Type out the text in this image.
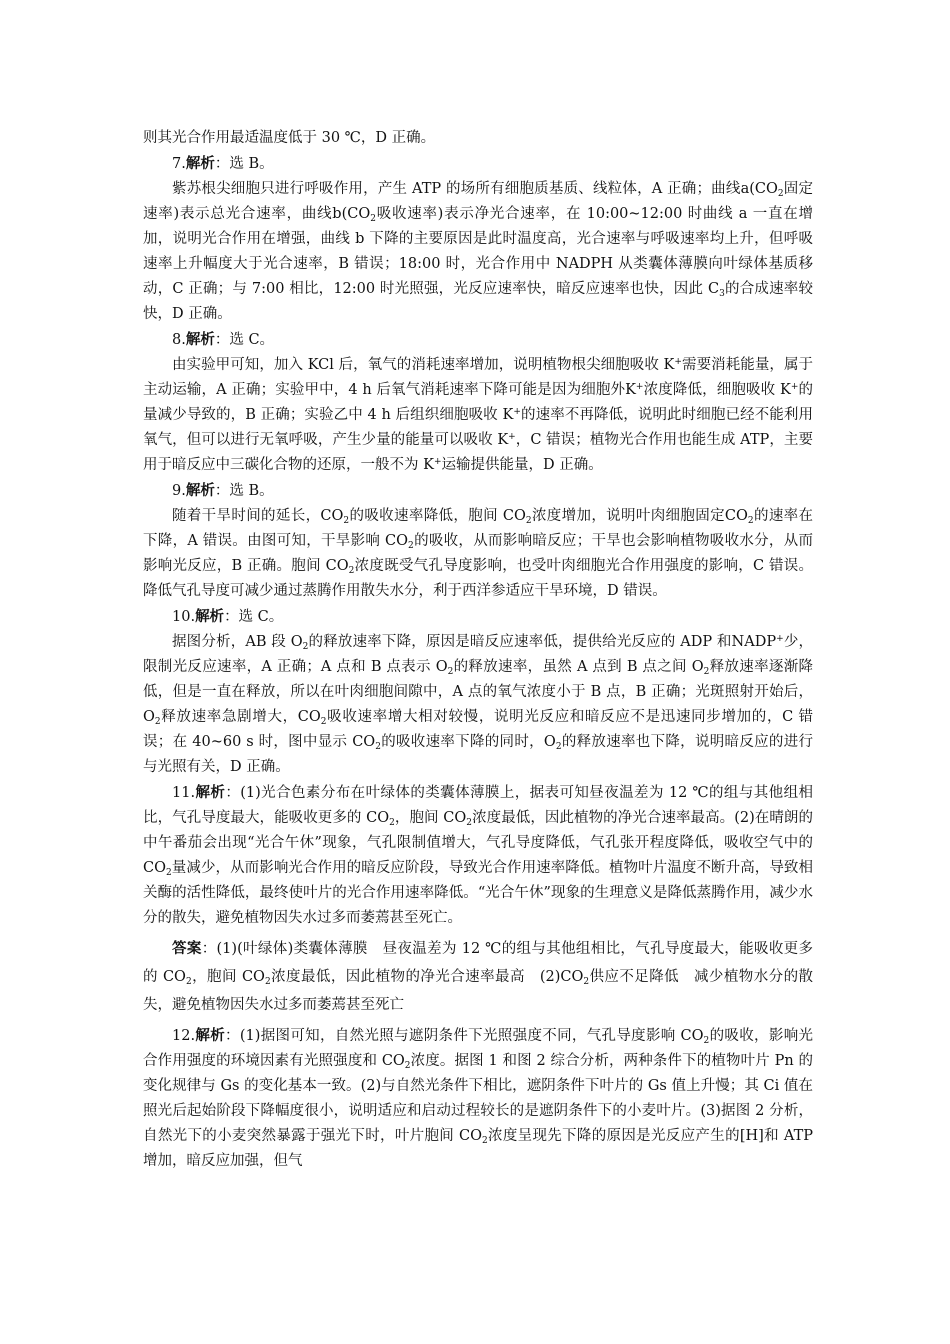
则其光合作用最适温度低于 30 ℃，D 正确。

7.解析：选 B。

紫苏根尖细胞只进行呼吸作用，产生 ATP 的场所有细胞质基质、线粒体，A 正确；曲线$a(CO_2$固定速率)表示总光合速率，曲线$b(CO_2$吸收速率)表示净光合速率，在 10:00~12:00 时曲线 a 一直在增加，说明光合作用在增强，曲线 b 下降的主要原因是此时温度高，光合速率与呼吸速率均上升，但呼吸速率上升幅度大于光合速率，B 错误；18:00 时，光合作用中 NADPH 从类囊体薄膜向叶绿体基质移动，C 正确；与 7:00 相比，12:00 时光照强，光反应速率快，暗反应速率也快，因此 $C_3$的合成速率较快，D 正确。

8.解析：选 C。

由实验甲可知，加入 KCl 后，氧气的消耗速率增加，说明植物根尖细胞吸收 K+需要消耗能量，属于主动运输，A 正确；实验甲中，4 h 后氧气消耗速率下降可能是因为细胞外K+浓度降低，细胞吸收 K+的量减少导致的，B 正确；实验乙中 4 h 后组织细胞吸收 K+的速率不再降低，说明此时细胞已经不能利用氧气，但可以进行无氧呼吸，产生少量的能量可以吸收 K+，C 错误；植物光合作用也能生成 ATP，主要用于暗反应中三碳化合物的还原，一般不为 K+运输提供能量，D 正确。

9.解析：选 B。

随着干旱时间的延长，$CO_2$的吸收速率降低，胞间 $CO_2$浓度增加，说明叶肉细胞固定$CO_2$的速率在下降，A 错误。由图可知，干旱影响 $CO_2$的吸收，从而影响暗反应；干旱也会影响植物吸收水分，从而影响光反应，B 正确。胞间 $CO_2$浓度既受气孔导度影响，也受叶肉细胞光合作用强度的影响，C 错误。降低气孔导度可减少通过蒸腾作用散失水分，利于西洋参适应干旱环境，D 错误。

10.解析：选 C。

据图分析，AB 段 $O_2$的释放速率下降，原因是暗反应速率低，提供给光反应的 ADP 和NADP+少，限制光反应速率，A 正确；A 点和 B 点表示 $O_2$的释放速率，虽然 A 点到 B 点之间 $O_2$释放速率逐渐降低，但是一直在释放，所以在叶肉细胞间隙中，A 点的氧气浓度小于 B 点，B 正确；光斑照射开始后，$O_2$释放速率急剧增大，$CO_2$吸收速率增大相对较慢，说明光反应和暗反应不是迅速同步增加的，C 错误；在 40~60 s 时，图中显示 $CO_2$的吸收速率下降的同时，$O_2$的释放速率也下降，说明暗反应的进行与光照有关，D 正确。

11.解析：(1)光合色素分布在叶绿体的类囊体薄膜上，据表可知昼夜温差为 12 ℃的组与其他组相比，气孔导度最大，能吸收更多的 $CO_2$，胞间 $CO_2$浓度最低，因此植物的净光合速率最高。(2)在晴朗的中午番茄会出现“光合午休”现象，气孔限制值增大，气孔导度降低，气孔张开程度降低，吸收空气中的 $CO_2$量减少，从而影响光合作用的暗反应阶段，导致光合作用速率降低。植物叶片温度不断升高，导致相关酶的活性降低，最终使叶片的光合作用速率降低。“光合午休”现象的生理意义是降低蒸腾作用，减少水分的散失，避免植物因失水过多而萎蔫甚至死亡。

答案：(1)(叶绿体)类囊体薄膜　昼夜温差为 12 ℃的组与其他组相比，气孔导度最大，能吸收更多的 $CO_2$，胞间 $CO_2$浓度最低，因此植物的净光合速率最高　$(2)CO_2$供应不足降低　减少植物水分的散失，避免植物因失水过多而萎蔫甚至死亡

12.解析：(1)据图可知，自然光照与遮阴条件下光照强度不同，气孔导度影响 $CO_2$的吸收，影响光合作用强度的环境因素有光照强度和 $CO_2$浓度。据图 1 和图 2 综合分析，两种条件下的植物叶片 Pn 的变化规律与 Gs 的变化基本一致。(2)与自然光条件下相比，遮阴条件下叶片的 Gs 值上升慢；其 Ci 值在照光后起始阶段下降幅度很小，说明适应和启动过程较长的是遮阴条件下的小麦叶片。(3)据图 2 分析，自然光下的小麦突然暴露于强光下时，叶片胞间 $CO_2$浓度呈现先下降的原因是光反应产生的[H]和 ATP 增加，暗反应加强，但气
